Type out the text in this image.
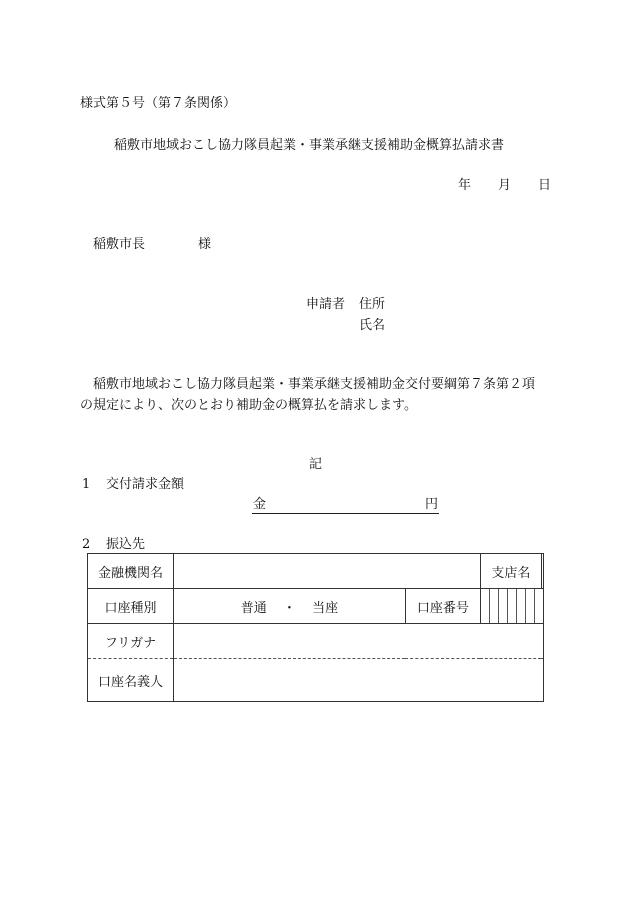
様式第５号（第７条関係）
稲敷市地域おこし協力隊員起業・事業承継支援補助金概算払請求書
年 月 日
稲敷市長	様
申請者 住所
氏名
稲敷市地域おこし協力隊員起業・事業承継支援補助金交付要綱第７条第２項
の規定により、次のとおり補助金の概算払を請求します。
記
1 交付請求金額
金	円
2 振込先
金融機関名			支店名	
口座種別	普通 ・ 当座	口座番号		

フリガナ				
口座名義人				
